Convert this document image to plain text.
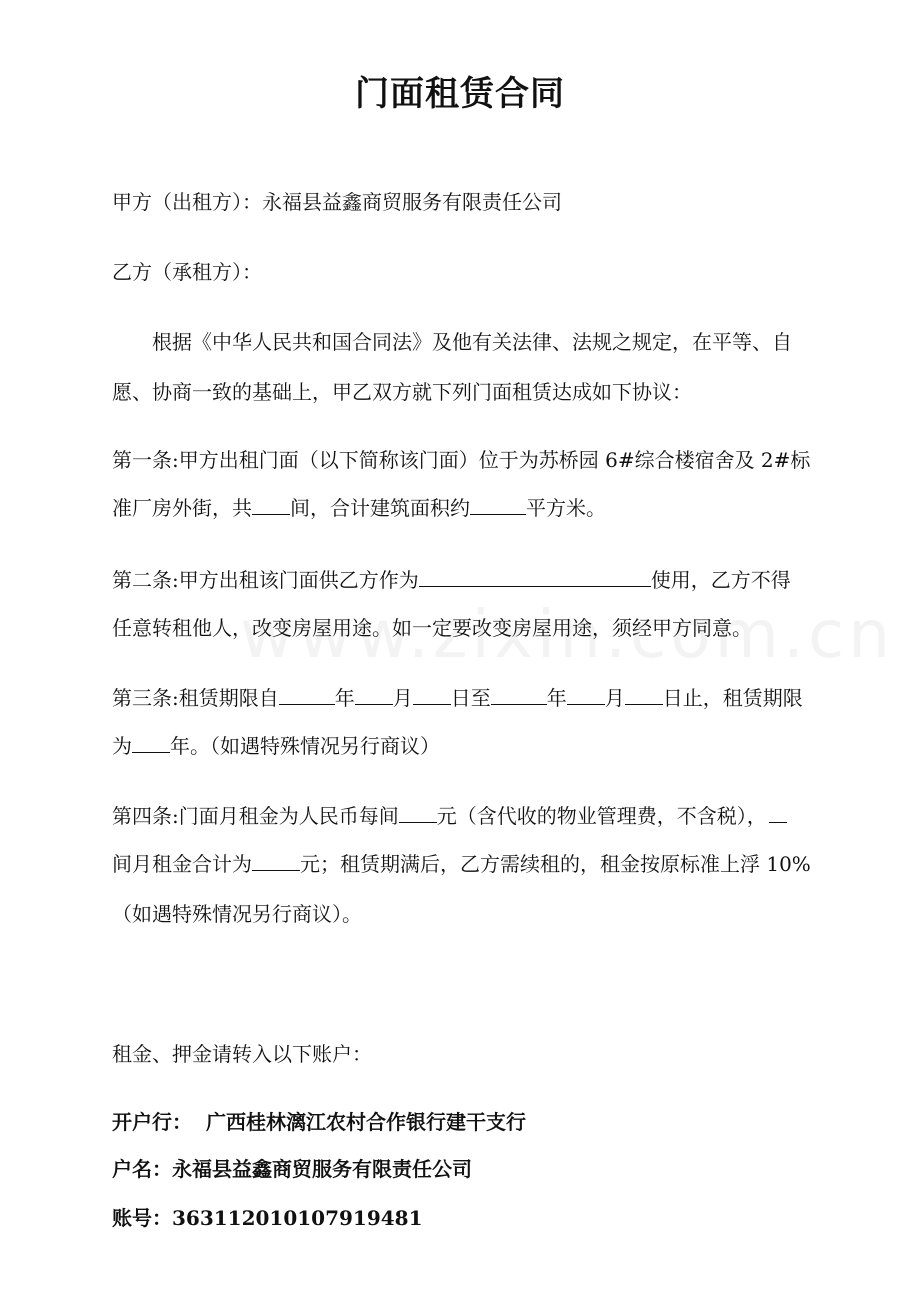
门面租赁合同
甲方（出租方）：永福县益鑫商贸服务有限责任公司
乙方（承租方）：
根据《中华人民共和国合同法》及他有关法律、法规之规定，在平等、自
愿、协商一致的基础上，甲乙双方就下列门面租赁达成如下协议：
第一条:甲方出租门面（以下简称该门面）位于为苏桥园 6#综合楼宿舍及 2#标
准厂房外街，共 间，合计建筑面积约	平方米。
第二条:甲方出租该门面供乙方作为	使用，乙方不得
任意转租他人，改变房屋用途。如一定要改变房屋用途，须经甲方同意。
第三条:租赁期限自	年 月 日至	年 月 日止，租赁期限
为 年。（如遇特殊情况另行商议）
第四条:门面月租金为人民币每间 元（含代收的物业管理费，不含税），
间月租金合计为 元；租赁期满后，乙方需续租的，租金按原标准上浮 10%
（如遇特殊情况另行商议）。
租金、押金请转入以下账户：
开户行： 广西桂林漓江农村合作银行建干支行
户名：永福县益鑫商贸服务有限责任公司
账号：363112010107919481
